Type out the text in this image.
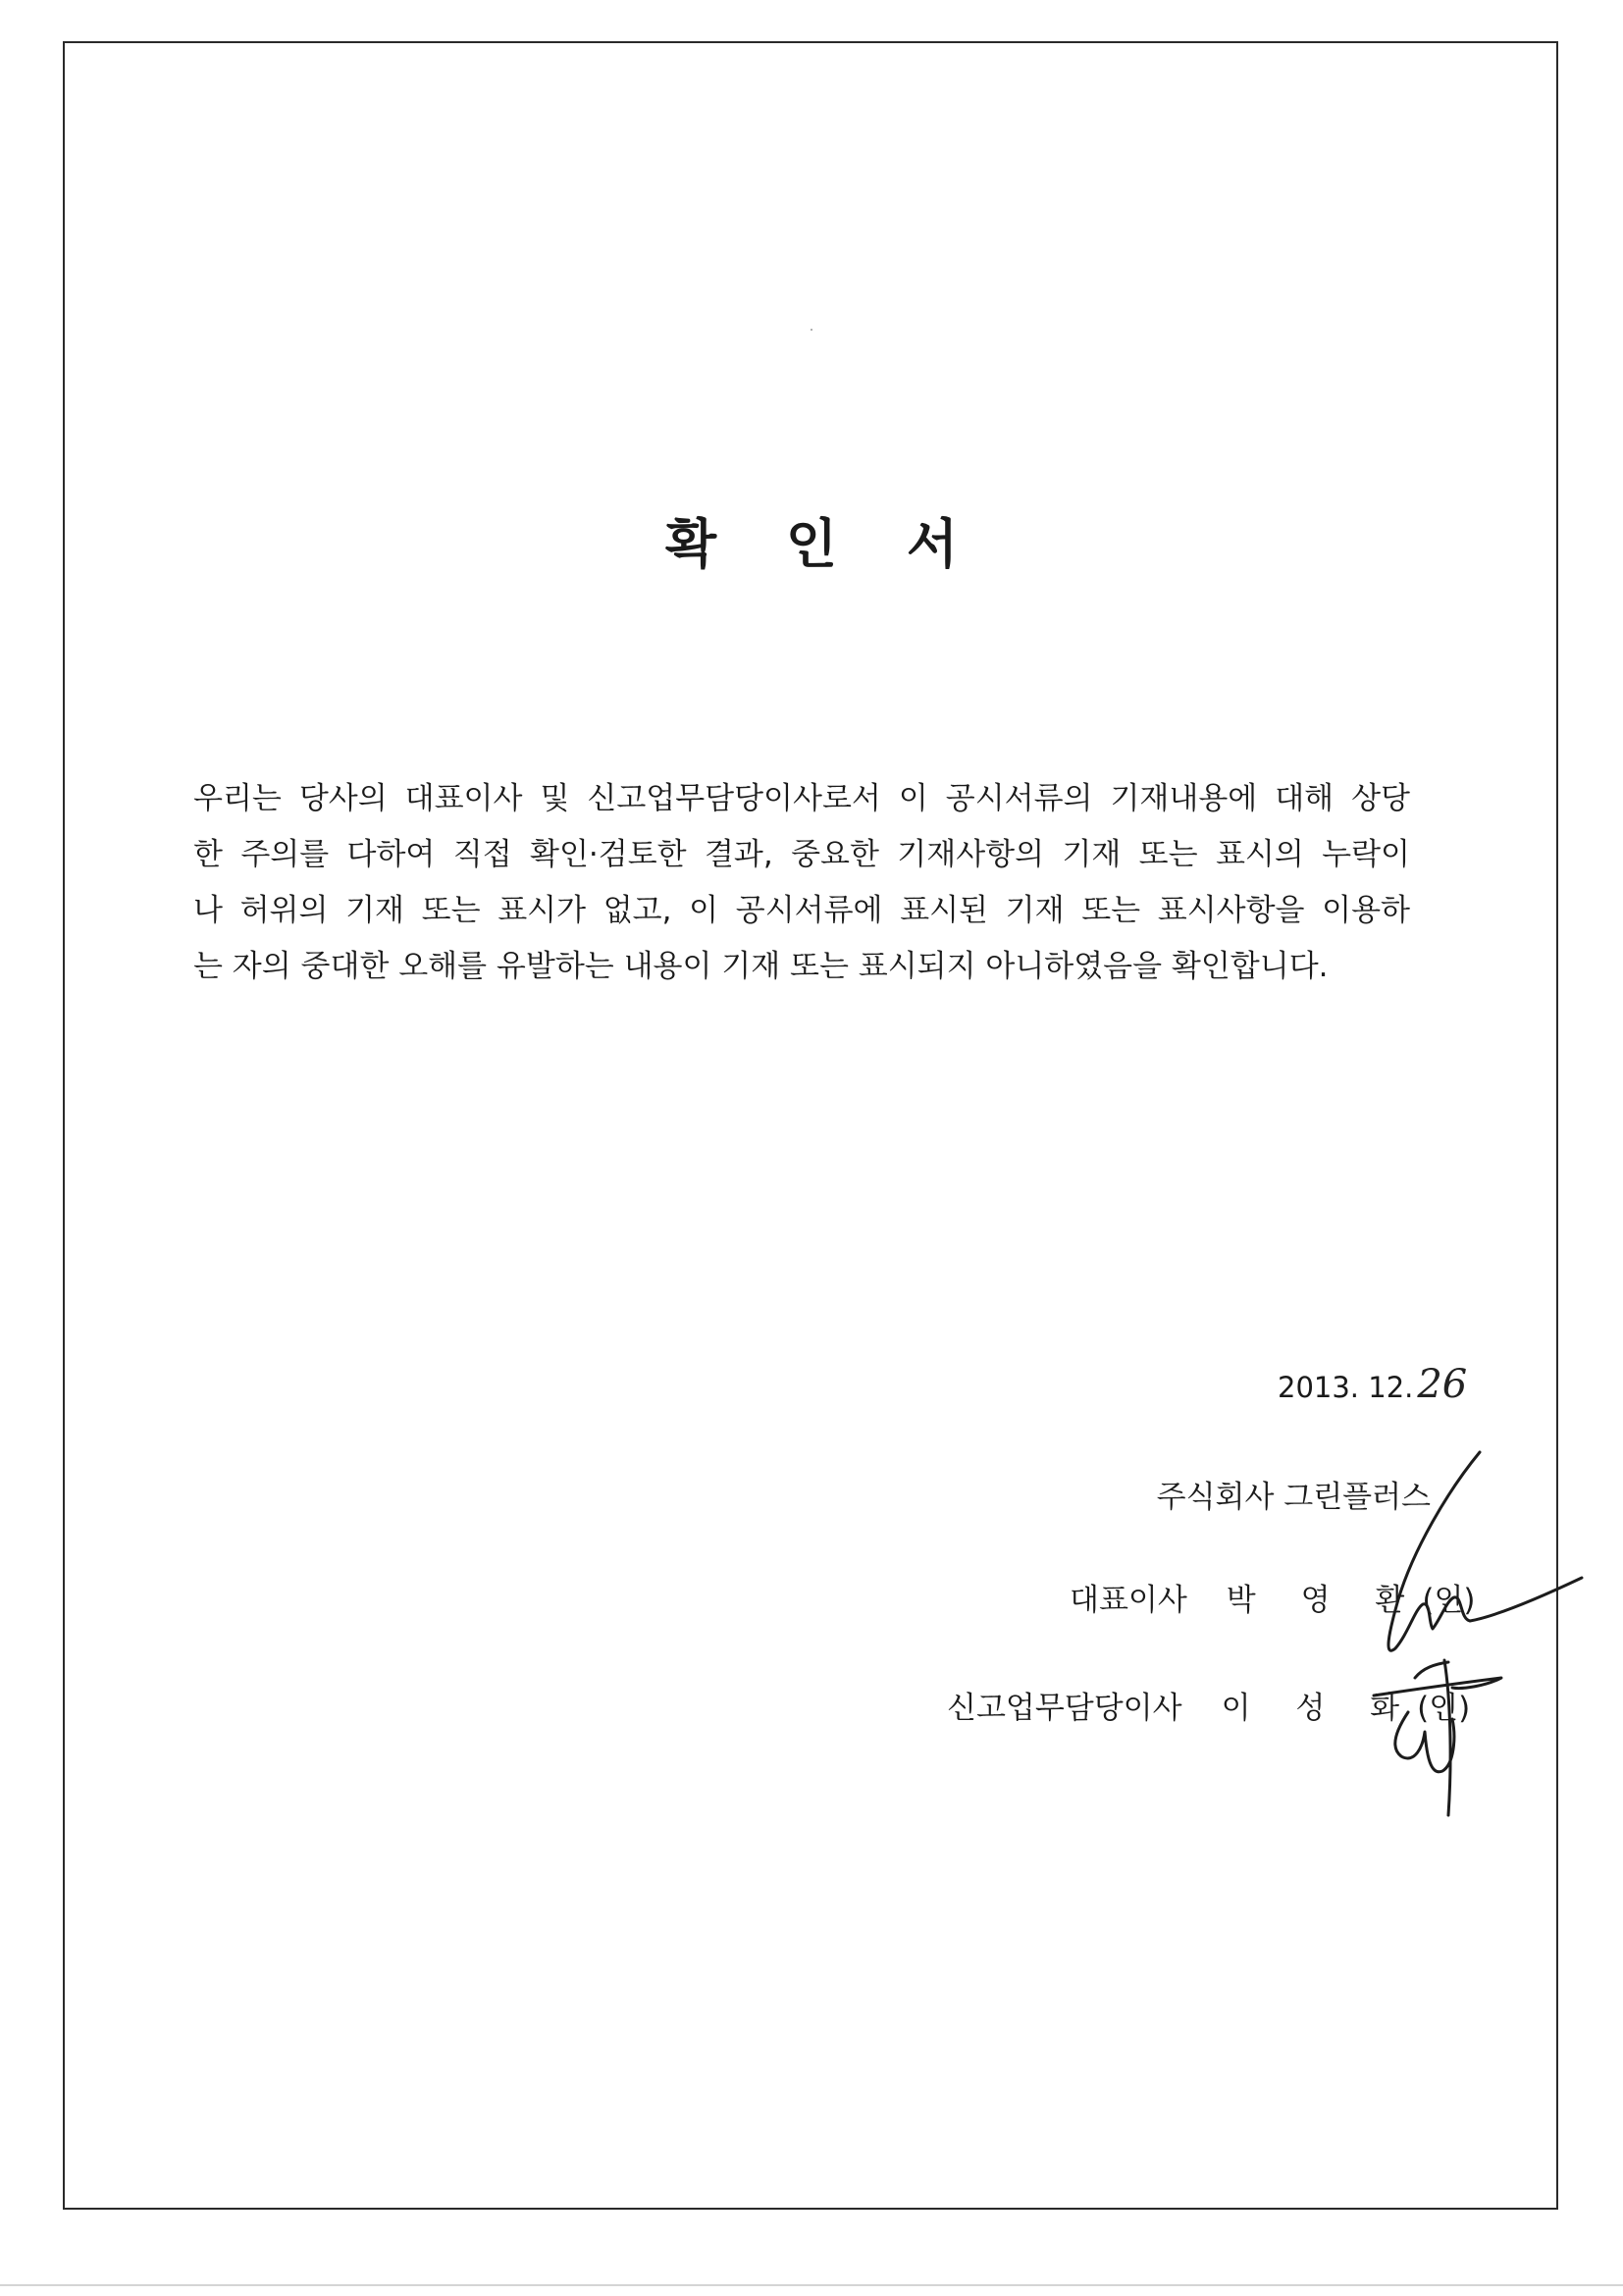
확 인 서
우리는 당사의 대표이사 및 신고업무담당이사로서 이 공시서류의 기재내용에 대해 상당
한 주의를 다하여 직접 확인·검토한 결과, 중요한 기재사항의 기재 또는 표시의 누락이
나 허위의 기재 또는 표시가 없고, 이 공시서류에 표시된 기재 또는 표시사항을 이용하
는 자의 중대한 오해를 유발하는 내용이 기재 또는 표시되지 아니하였음을 확인합니다.
2013. 12. 26
주식회사 그린플러스
대표이사 박 영 환(인)
신고업무담당이사 이 성 화(인)
